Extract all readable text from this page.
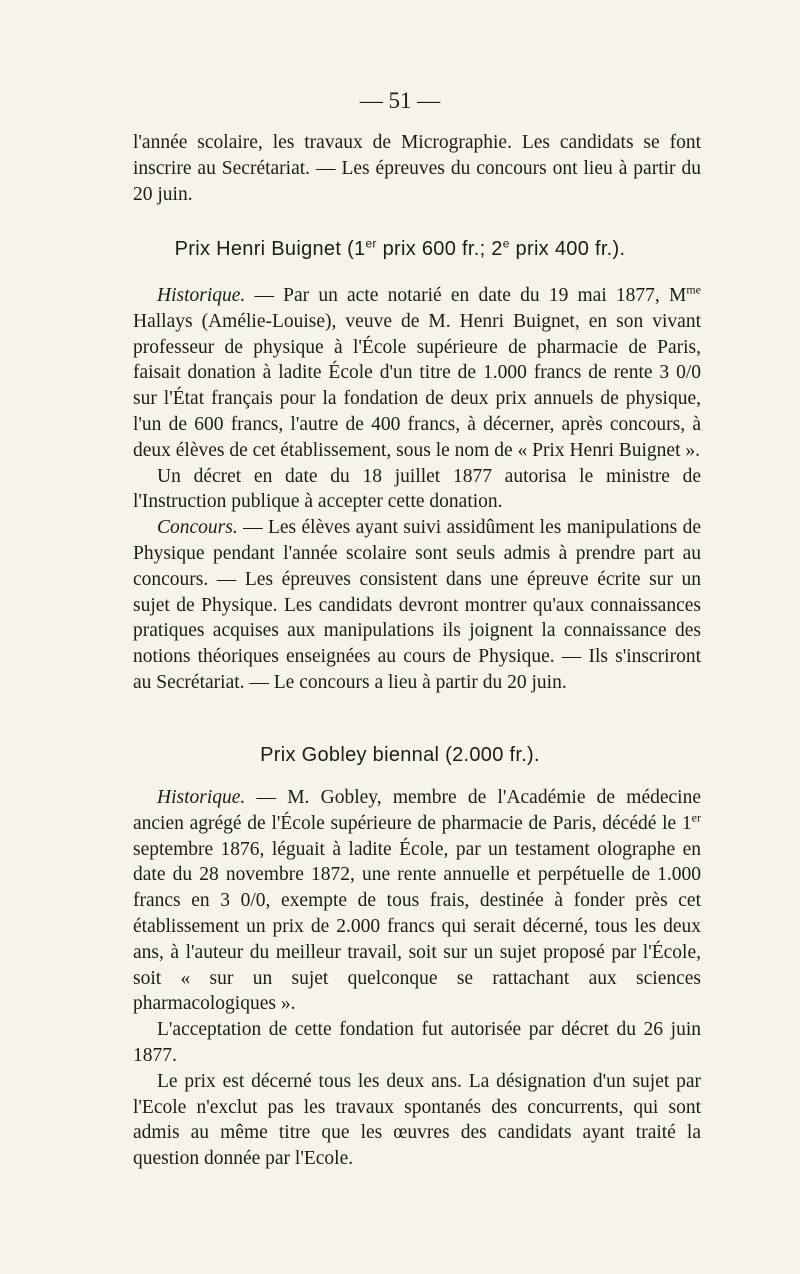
— 51 —

l'année scolaire, les travaux de Micrographie. Les candidats se font inscrire au Secrétariat. — Les épreuves du concours ont lieu à partir du 20 juin.

Prix Henri Buignet (1er prix 600 fr.; 2e prix 400 fr.).

Historique. — Par un acte notarié en date du 19 mai 1877, $M^{me}$ Hallays (Amélie-Louise), veuve de M. Henri Buignet, en son vivant professeur de physique à l'École supérieure de pharmacie de Paris, faisait donation à ladite École d'un titre de 1.000 francs de rente 3 0/0 sur l'État français pour la fondation de deux prix annuels de physique, l'un de 600 francs, l'autre de 400 francs, à décerner, après concours, à deux élèves de cet établissement, sous le nom de « Prix Henri Buignet ».

Un décret en date du 18 juillet 1877 autorisa le ministre de l'Instruction publique à accepter cette donation.

Concours. — Les élèves ayant suivi assidûment les manipulations de Physique pendant l'année scolaire sont seuls admis à prendre part au concours. — Les épreuves consistent dans une épreuve écrite sur un sujet de Physique. Les candidats devront montrer qu'aux connaissances pratiques acquises aux manipulations ils joignent la connaissance des notions théoriques enseignées au cours de Physique. — Ils s'inscriront au Secrétariat. — Le concours a lieu à partir du 20 juin.

Prix Gobley biennal (2.000 fr.).

Historique. — M. Gobley, membre de l'Académie de médecine ancien agrégé de l'École supérieure de pharmacie de Paris, décédé le 1er septembre 1876, léguait à ladite École, par un testament olographe en date du 28 novembre 1872, une rente annuelle et perpétuelle de 1.000 francs en 3 0/0, exempte de tous frais, destinée à fonder près cet établissement un prix de 2.000 francs qui serait décerné, tous les deux ans, à l'auteur du meilleur travail, soit sur un sujet proposé par l'École, soit « sur un sujet quelconque se rattachant aux sciences pharmacologiques ».

L'acceptation de cette fondation fut autorisée par décret du 26 juin 1877.

Le prix est décerné tous les deux ans. La désignation d'un sujet par l'Ecole n'exclut pas les travaux spontanés des concurrents, qui sont admis au même titre que les œuvres des candidats ayant traité la question donnée par l'Ecole.
